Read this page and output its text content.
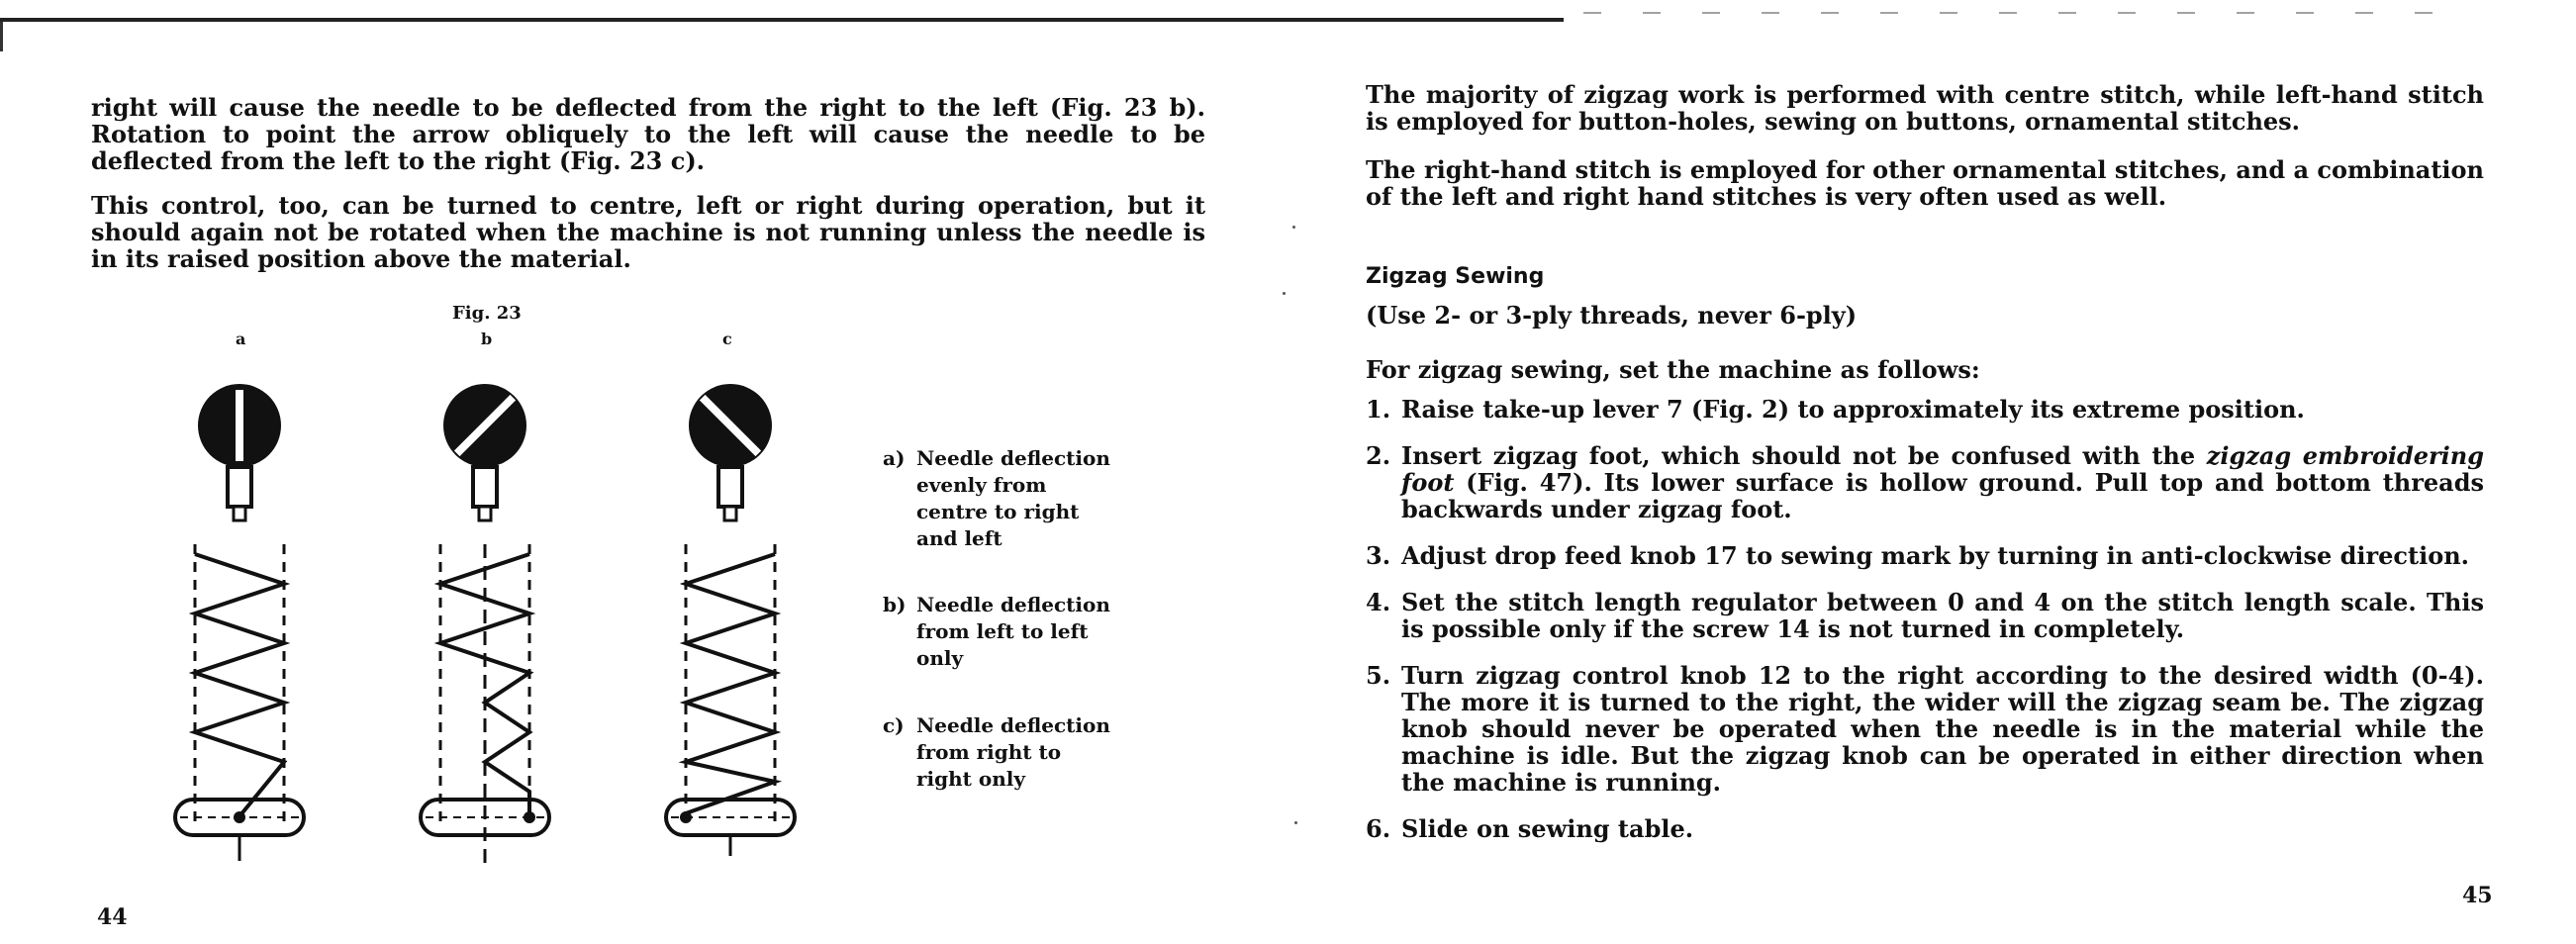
right will cause the needle to be deflected from the right to the left (Fig. 23 b). Rotation to point the arrow obliquely to the left will cause the needle to be deflected from the left to the right (Fig. 23 c).

This control, too, can be turned to centre, left or right during operation, but it should again not be rotated when the machine is not running unless the needle is in its raised position above the material.

Fig. 23
a	b	c
a) Needle deflection evenly from centre to right and left
b) Needle deflection from left to left only
c) Needle deflection from right to right only
44

The majority of zigzag work is performed with centre stitch, while left-hand stitch is employed for button-holes, sewing on buttons, ornamental stitches.

The right-hand stitch is employed for other ornamental stitches, and a combination of the left and right hand stitches is very often used as well.

Zigzag Sewing

(Use 2- or 3-ply threads, never 6-ply)

For zigzag sewing, set the machine as follows:

1. Raise take-up lever 7 (Fig. 2) to approximately its extreme position.
2. Insert zigzag foot, which should not be confused with the zigzag embroidering foot (Fig. 47). Its lower surface is hollow ground. Pull top and bottom threads backwards under zigzag foot.
3. Adjust drop feed knob 17 to sewing mark by turning in anti-clockwise direction.
4. Set the stitch length regulator between 0 and 4 on the stitch length scale. This is possible only if the screw 14 is not turned in completely.
5. Turn zigzag control knob 12 to the right according to the desired width (0-4). The more it is turned to the right, the wider will the zigzag seam be. The zigzag knob should never be operated when the needle is in the material while the machine is idle. But the zigzag knob can be operated in either direction when the machine is running.
6. Slide on sewing table.
45
